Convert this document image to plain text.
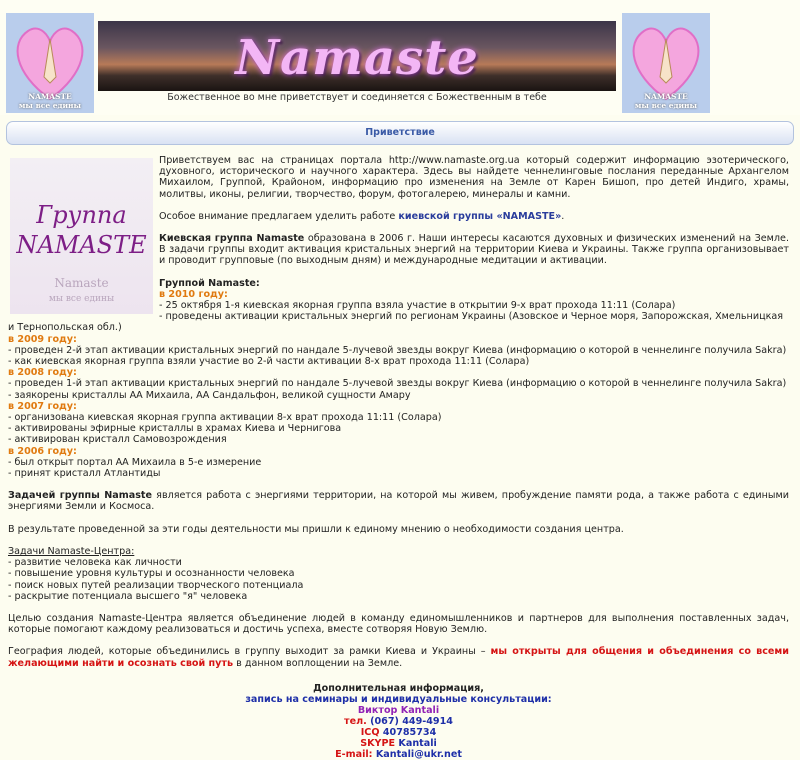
NAMASTE
мы все едины
Namaste
Божественное во мне приветствует и соединяется с Божественным в тебе	NAMASTE
мы все едины
Приветствие
Группа
NAMASTE
Namaste
мы все едины

Приветствуем вас на страницах портала http://www.namaste.org.ua который содержит информацию эзотерического, духовного, исторического и научного характера. Здесь вы найдете ченнелинговые послания переданные Архангелом Михаилом, Группой, Крайоном, информацию про изменения на Земле от Карен Бишоп, про детей Индиго, храмы, молитвы, иконы, религии, творчество, форум, фотогалерею, минералы и камни.

Особое внимание предлагаем уделить работе киевской группы «NAMASTE».

Киевская группа Namaste образована в 2006 г. Наши интересы касаются духовных и физических изменений на Земле. В задачи группы входит активация кристальных энергий на территории Киева и Украины. Также группа организовывает и проводит групповые (по выходным дням) и международные медитации и активации.

Группой Namaste:
в 2010 году:
- 25 октября 1-я киевская якорная группа взяла участие в открытии 9-х врат прохода 11:11 (Солара)
- проведены активации кристальных энергий по регионам Украины (Азовское и Черное моря, Запорожская, Хмельницкая и Тернопольская обл.)
в 2009 году:
- проведен 2-й этап активации кристальных энергий по нандале 5-лучевой звезды вокруг Киева (информацию о которой в ченнелинге получила Sakra)
- как киевская якорная группа взяли участие во 2-й части активации 8-х врат прохода 11:11 (Солара)
в 2008 году:
- проведен 1-й этап активации кристальных энергий по нандале 5-лучевой звезды вокруг Киева (информацию о которой в ченнелинге получила Sakra)
- заякорены кристаллы АА Михаила, АА Сандальфон, великой сущности Амару
в 2007 году:
- организована киевская якорная группа активации 8-х врат прохода 11:11 (Солара)
- активированы эфирные кристаллы в храмах Киева и Чернигова
- активирован кристалл Самовозрождения
в 2006 году:
- был открыт портал АА Михаила в 5-е измерение
- принят кристалл Атлантиды

Задачей группы Namaste является работа с энергиями территории, на которой мы живем, пробуждение памяти рода, а также работа с едиными энергиями Земли и Космоса.

В результате проведенной за эти годы деятельности мы пришли к единому мнению о необходимости создания центра.

Задачи Namaste-Центра:
- развитие человека как личности
- повышение уровня культуры и осознанности человека
- поиск новых путей реализации творческого потенциала
- раскрытие потенциала высшего "я" человека

Целью создания Namaste-Центра является объединение людей в команду единомышленников и партнеров для выполнения поставленных задач, которые помогают каждому реализоваться и достичь успеха, вместе сотворяя Новую Землю.

География людей, которые объединились в группу выходит за рамки Киева и Украины – мы открыты для общения и объединения со всеми желающими найти и осознать свой путь в данном воплощении на Земле.

Дополнительная информация,
запись на семинары и индивидуальные консультации:
Виктор Kantali
тел. (067) 449-4914
ICQ 40785734
SKYPE Kantali
E-mail: Kantali@ukr.net
